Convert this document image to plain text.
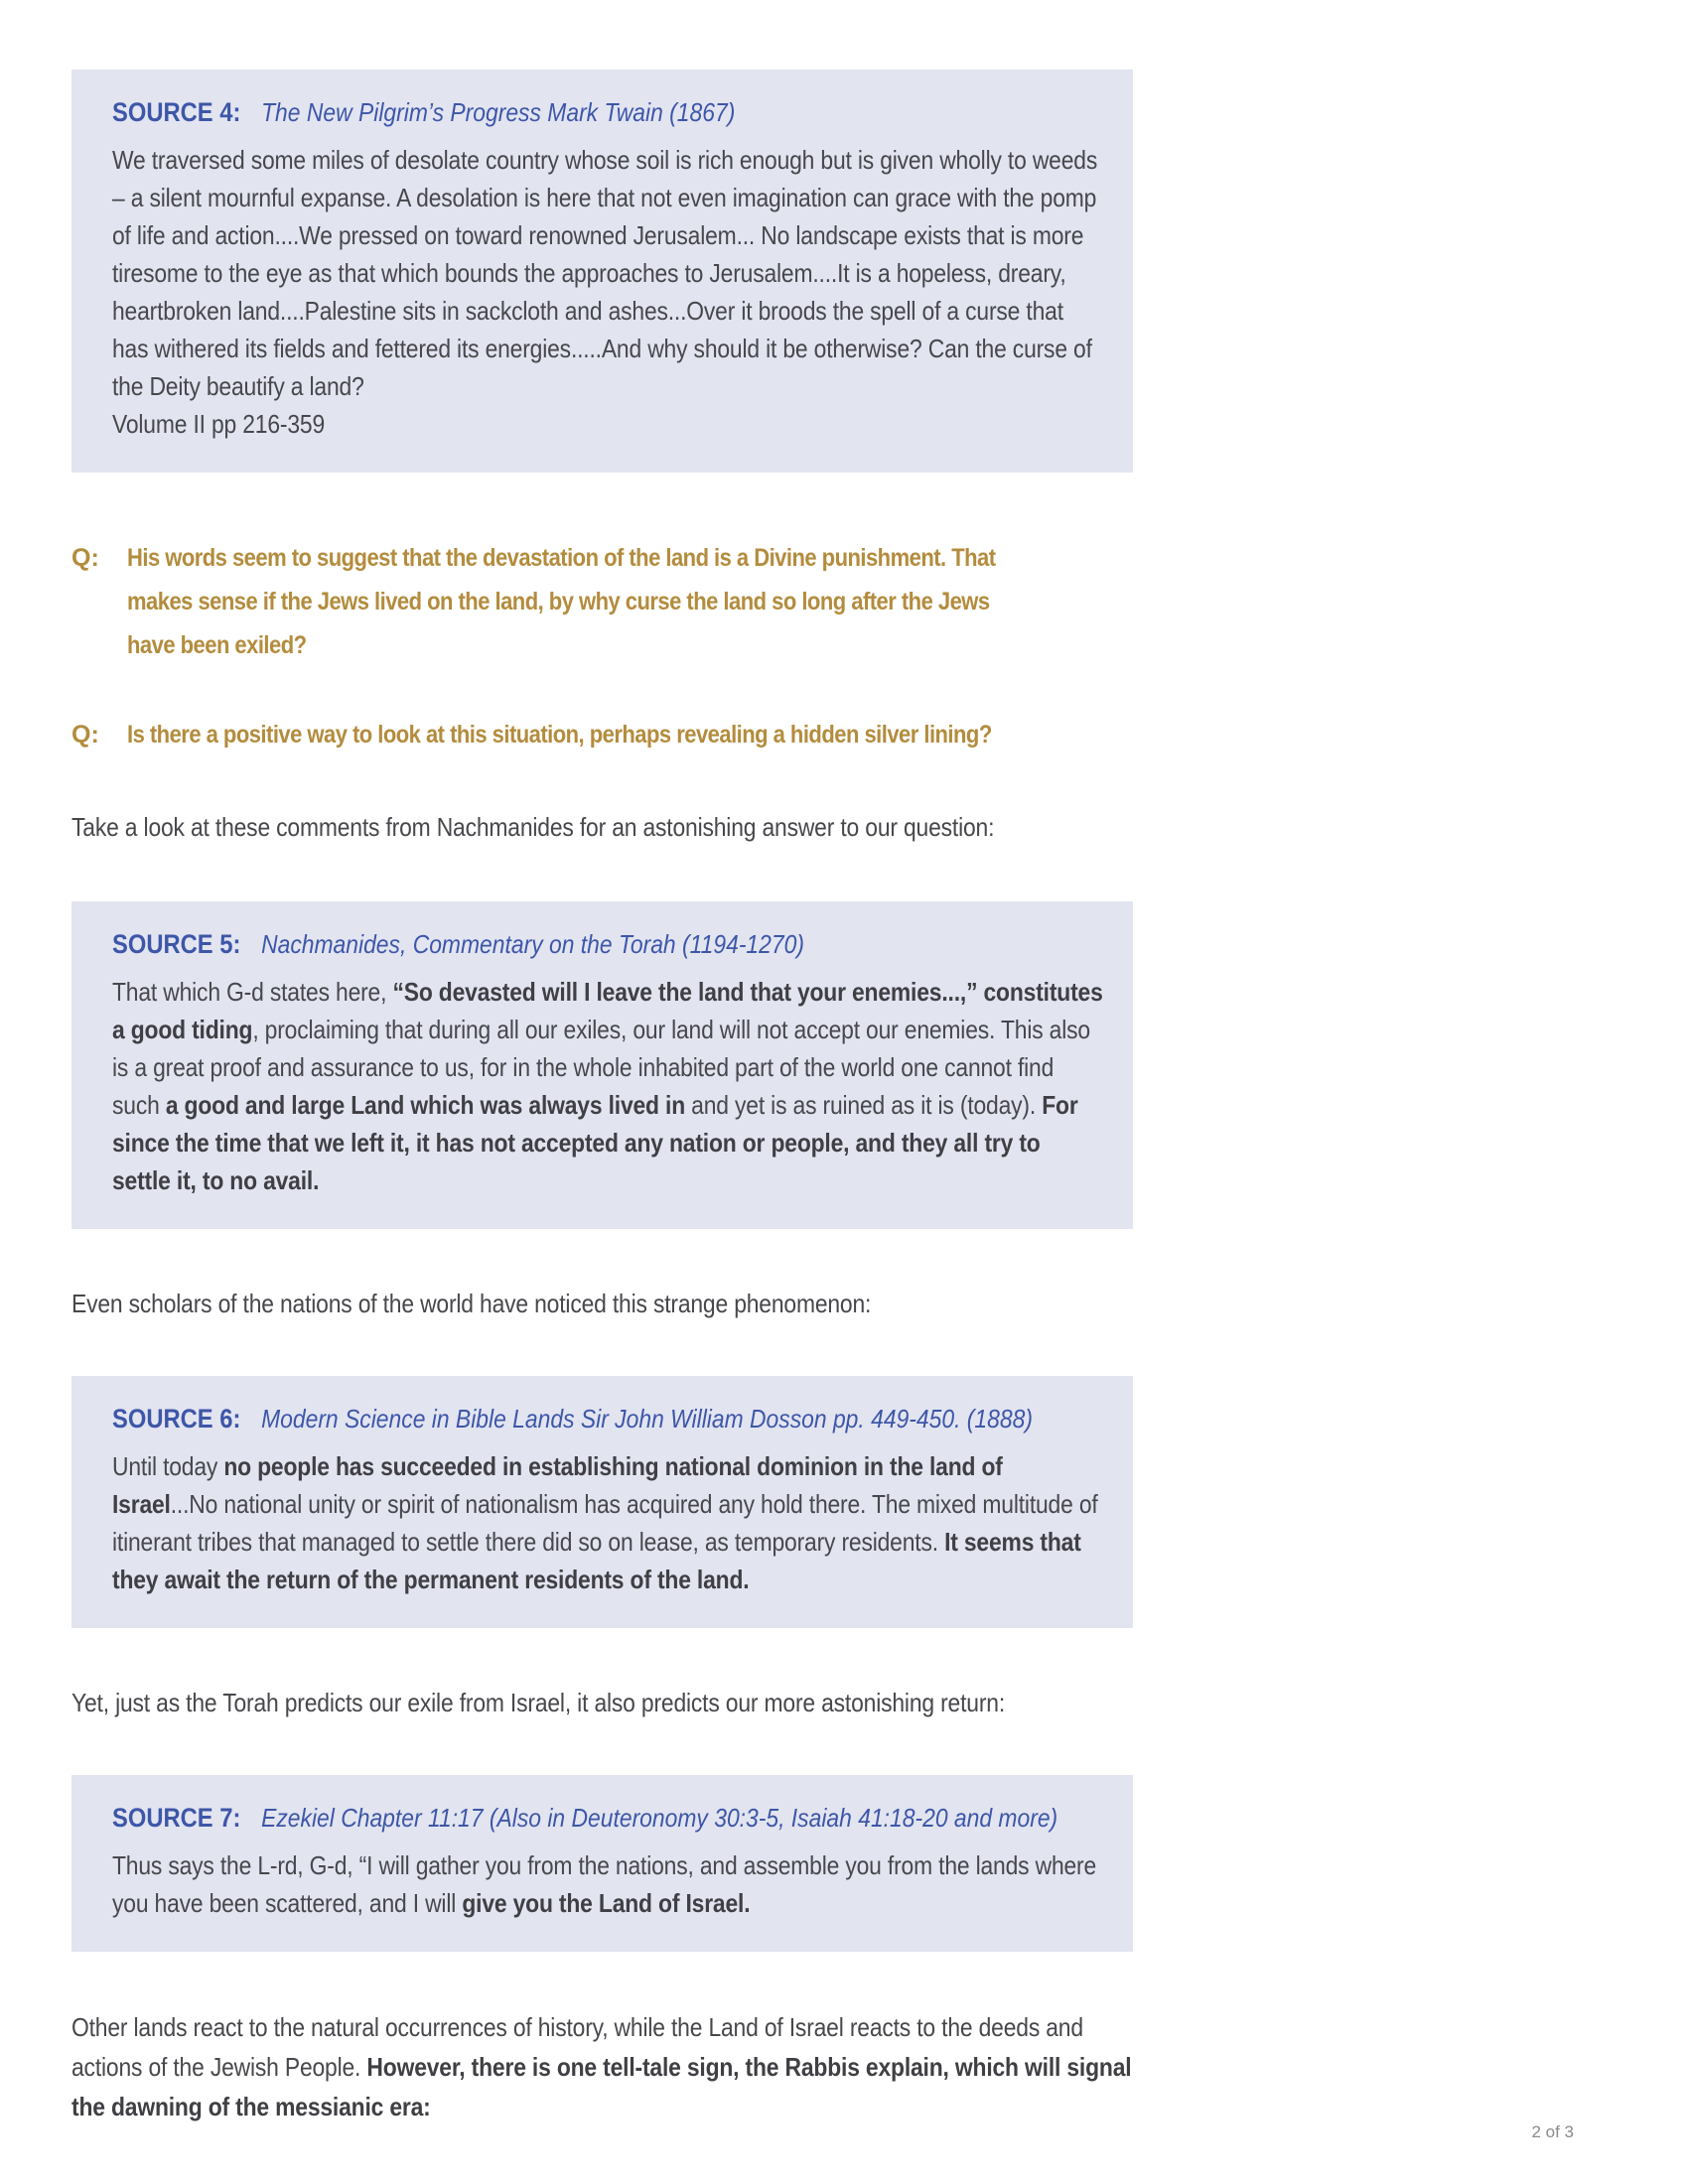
SOURCE 4: The New Pilgrim’s Progress Mark Twain (1867)
We traversed some miles of desolate country whose soil is rich enough but is given wholly to weeds – a silent mournful expanse. A desolation is here that not even imagination can grace with the pomp of life and action....We pressed on toward renowned Jerusalem... No landscape exists that is more tiresome to the eye as that which bounds the approaches to Jerusalem....It is a hopeless, dreary, heartbroken land....Palestine sits in sackcloth and ashes...Over it broods the spell of a curse that has withered its fields and fettered its energies.....And why should it be otherwise? Can the curse of the Deity beautify a land?
Volume II pp 216-359
Q:	His words seem to suggest that the devastation of the land is a Divine punishment. That makes sense if the Jews lived on the land, by why curse the land so long after the Jews have been exiled?
Q:	Is there a positive way to look at this situation, perhaps revealing a hidden silver lining?
Take a look at these comments from Nachmanides for an astonishing answer to our question:
SOURCE 5: Nachmanides, Commentary on the Torah (1194-1270)
That which G-d states here, “So devasted will I leave the land that your enemies...,” constitutes a good tiding, proclaiming that during all our exiles, our land will not accept our enemies. This also is a great proof and assurance to us, for in the whole inhabited part of the world one cannot find such a good and large Land which was always lived in and yet is as ruined as it is (today). For since the time that we left it, it has not accepted any nation or people, and they all try to settle it, to no avail.
Even scholars of the nations of the world have noticed this strange phenomenon:
SOURCE 6: Modern Science in Bible Lands Sir John William Dosson pp. 449-450. (1888)
Until today no people has succeeded in establishing national dominion in the land of Israel...No national unity or spirit of nationalism has acquired any hold there. The mixed multitude of itinerant tribes that managed to settle there did so on lease, as temporary residents. It seems that they await the return of the permanent residents of the land.
Yet, just as the Torah predicts our exile from Israel, it also predicts our more astonishing return:
SOURCE 7: Ezekiel Chapter 11:17 (Also in Deuteronomy 30:3-5, Isaiah 41:18-20 and more)
Thus says the L-rd, G-d, “I will gather you from the nations, and assemble you from the lands where you have been scattered, and I will give you the Land of Israel.
Other lands react to the natural occurrences of history, while the Land of Israel reacts to the deeds and actions of the Jewish People. However, there is one tell-tale sign, the Rabbis explain, which will signal the dawning of the messianic era:
2 of 3
